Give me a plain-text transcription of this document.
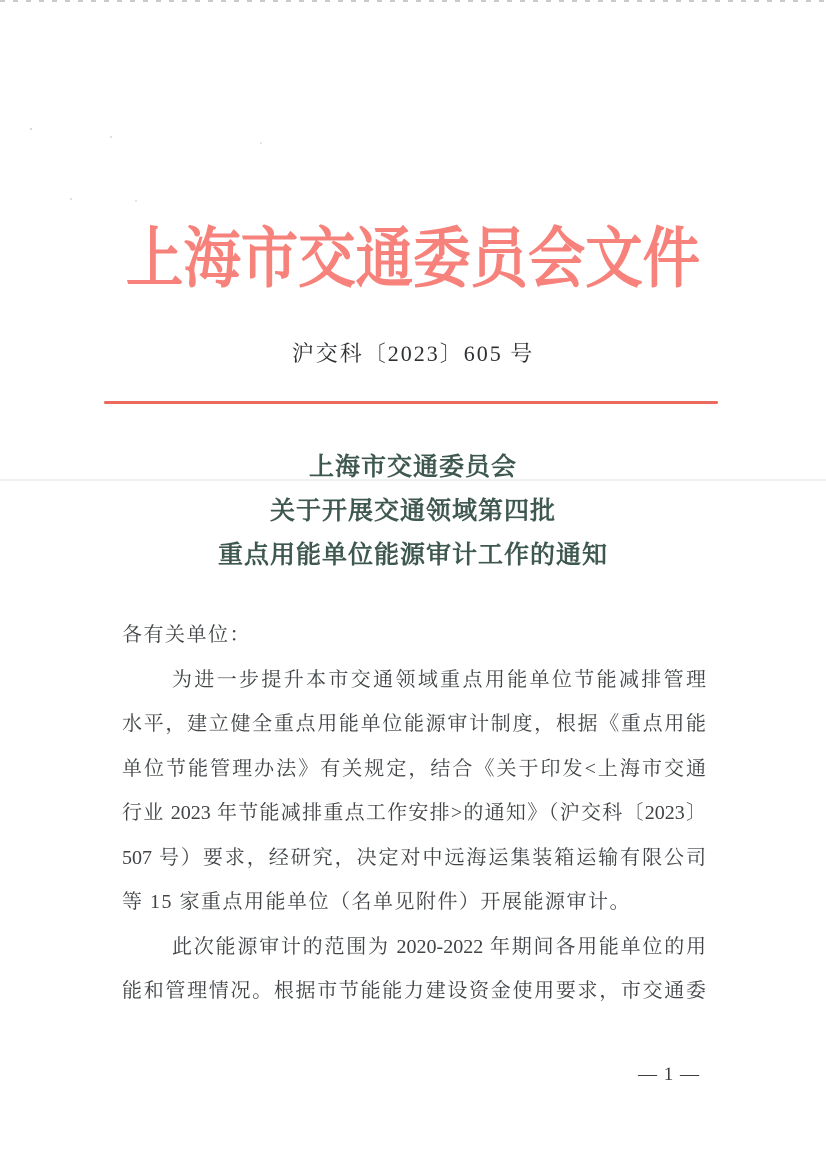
上海市交通委员会文件
沪交科〔2023〕605 号
上海市交通委员会
关于开展交通领域第四批
重点用能单位能源审计工作的通知
各有关单位：
为进一步提升本市交通领域重点用能单位节能减排管理
水平，建立健全重点用能单位能源审计制度，根据《重点用能
单位节能管理办法》有关规定，结合《关于印发<上海市交通
行业 2023 年节能减排重点工作安排>的通知》（沪交科〔2023〕
507 号）要求，经研究，决定对中远海运集装箱运输有限公司
等 15 家重点用能单位（名单见附件）开展能源审计。
此次能源审计的范围为 2020-2022 年期间各用能单位的用
能和管理情况。根据市节能能力建设资金使用要求，市交通委
— 1 —
